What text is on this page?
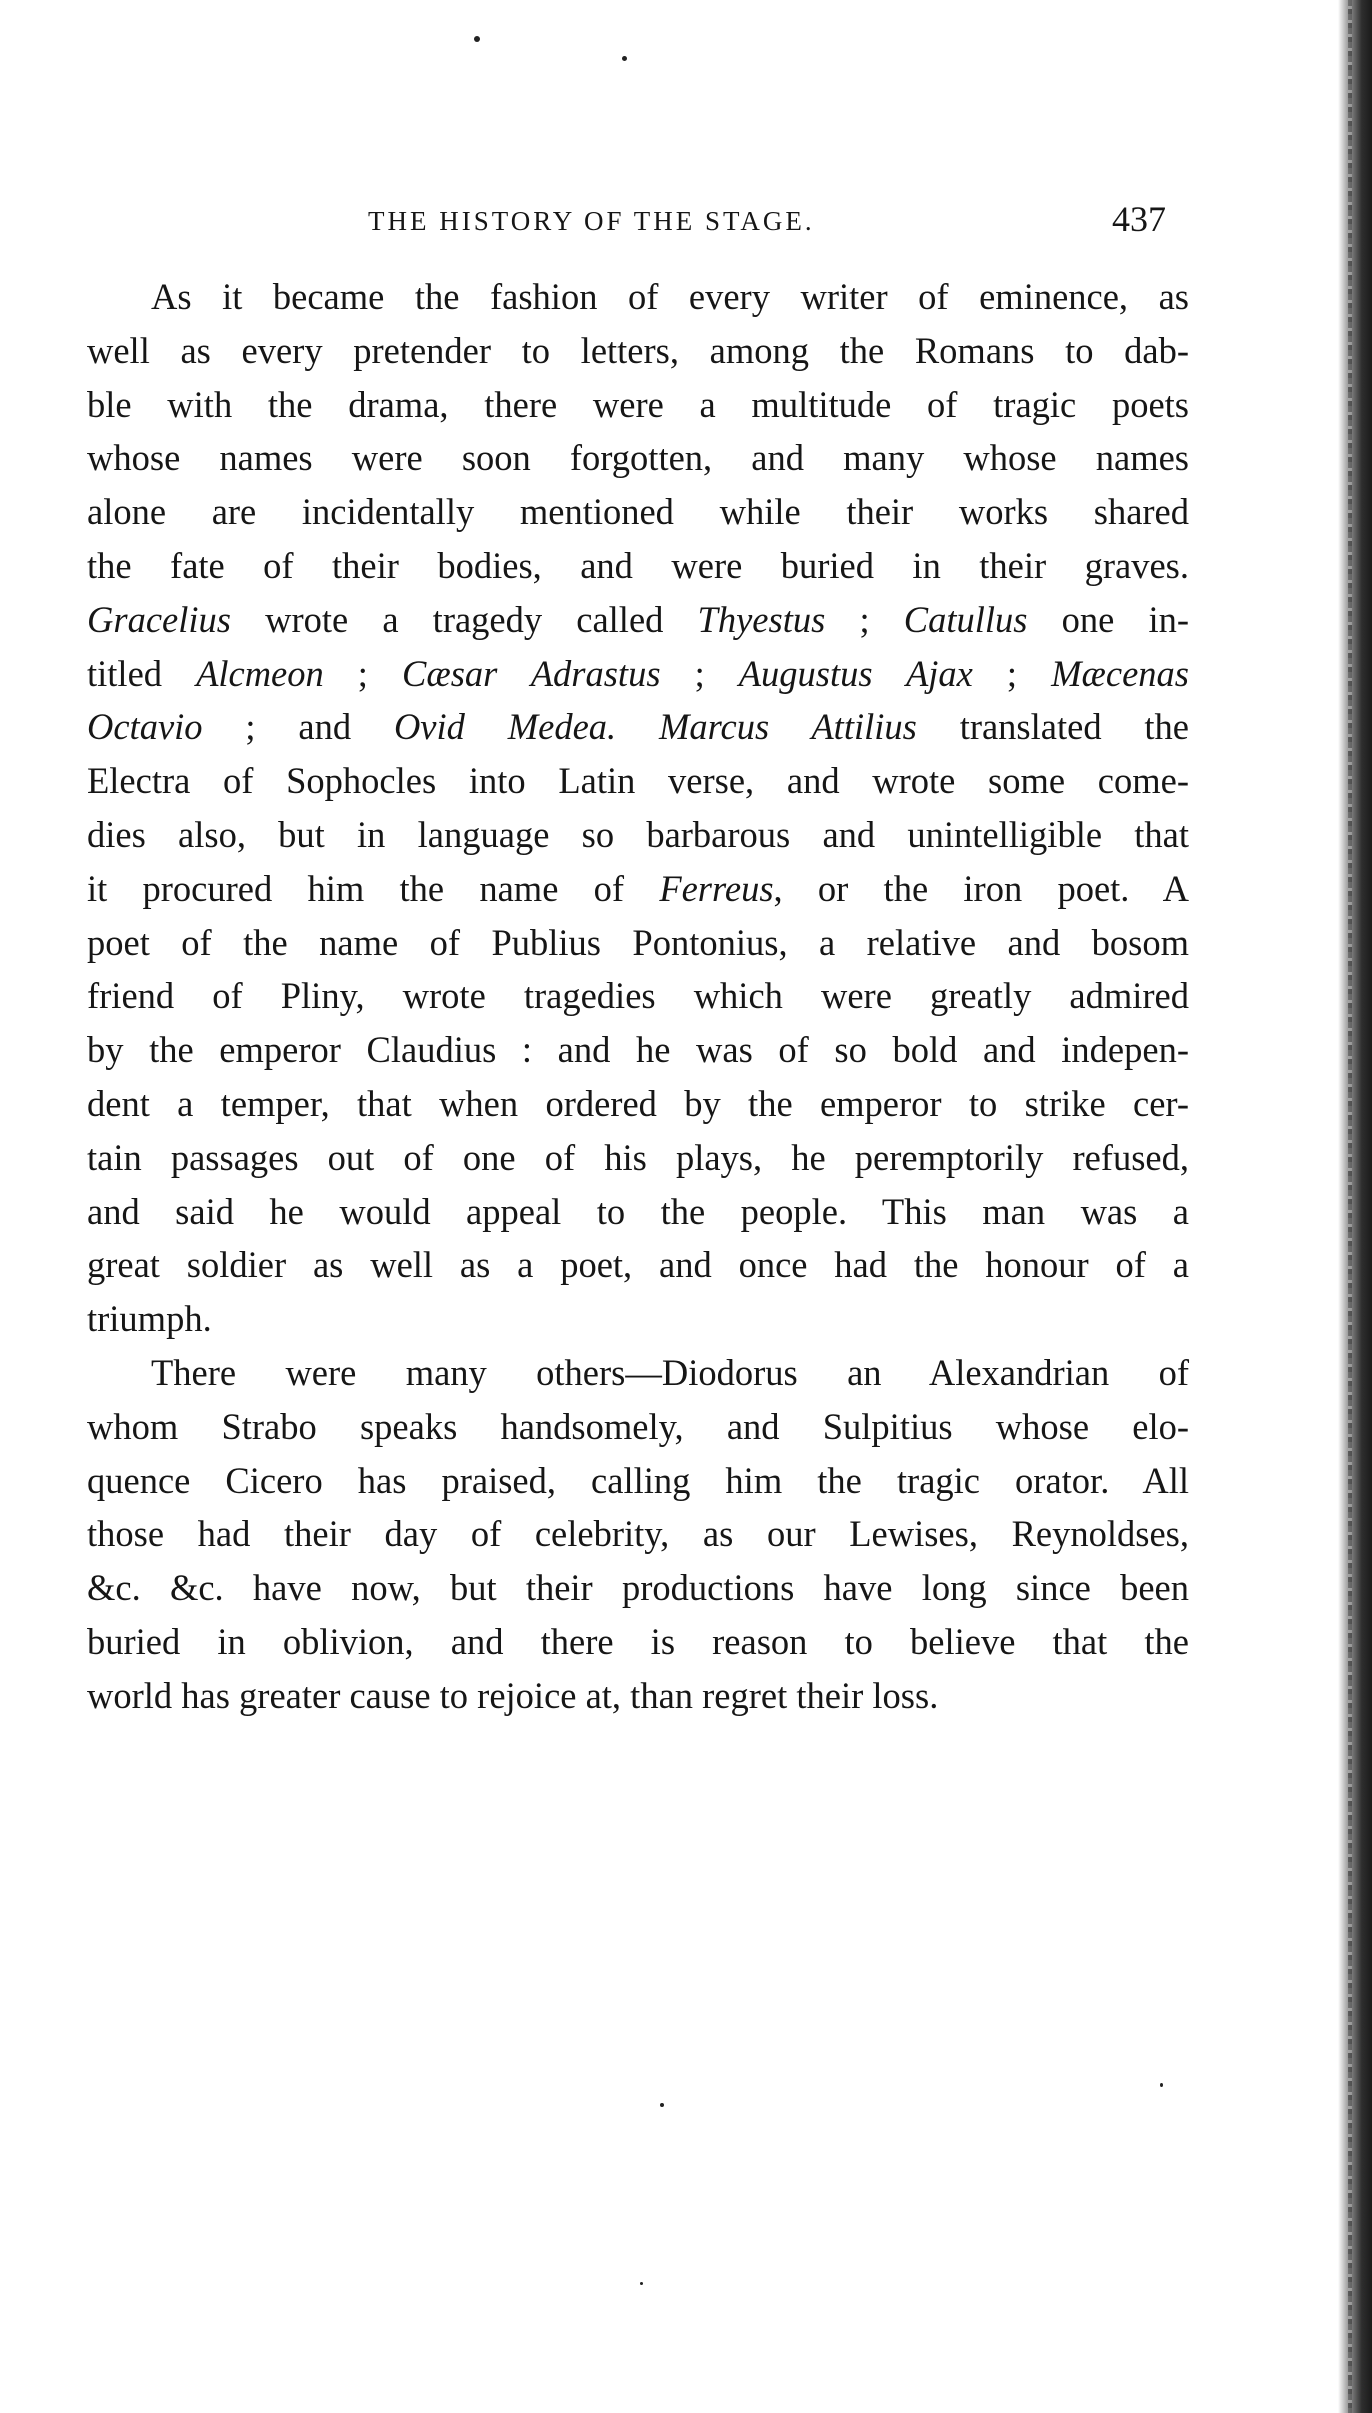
THE HISTORY OF THE STAGE.	437
As it became the fashion of every writer of eminence, as
well as every pretender to letters, among the Romans to dab-
ble with the drama, there were a multitude of tragic poets
whose names were soon forgotten, and many whose names
alone are incidentally mentioned while their works shared
the fate of their bodies, and were buried in their graves.
Gracelius wrote a tragedy called Thyestus ; Catullus one in-
titled Alcmeon ; Cæsar Adrastus ; Augustus Ajax ; Mæcenas
Octavio ; and Ovid Medea. Marcus Attilius translated the
Electra of Sophocles into Latin verse, and wrote some come-
dies also, but in language so barbarous and unintelligible that
it procured him the name of Ferreus, or the iron poet. A
poet of the name of Publius Pontonius, a relative and bosom
friend of Pliny, wrote tragedies which were greatly admired
by the emperor Claudius : and he was of so bold and indepen-
dent a temper, that when ordered by the emperor to strike cer-
tain passages out of one of his plays, he peremptorily refused,
and said he would appeal to the people. This man was a
great soldier as well as a poet, and once had the honour of a
triumph.
There were many others—Diodorus an Alexandrian of
whom Strabo speaks handsomely, and Sulpitius whose elo-
quence Cicero has praised, calling him the tragic orator. All
those had their day of celebrity, as our Lewises, Reynoldses,
&c. &c. have now, but their productions have long since been
buried in oblivion, and there is reason to believe that the
world has greater cause to rejoice at, than regret their loss.
